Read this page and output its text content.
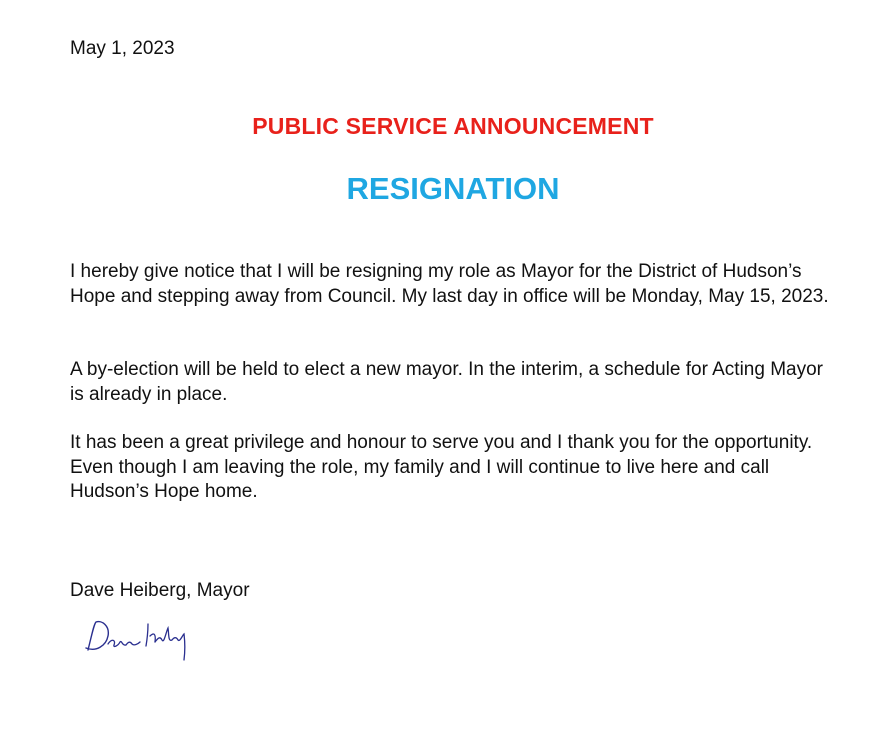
May 1, 2023
PUBLIC SERVICE ANNOUNCEMENT
RESIGNATION

I hereby give notice that I will be resigning my role as Mayor for the District of Hudson’s Hope and stepping away from Council. My last day in office will be Monday, May 15, 2023.

A by-election will be held to elect a new mayor. In the interim, a schedule for Acting Mayor is already in place.

It has been a great privilege and honour to serve you and I thank you for the opportunity. Even though I am leaving the role, my family and I will continue to live here and call Hudson’s Hope home.

Dave Heiberg, Mayor
